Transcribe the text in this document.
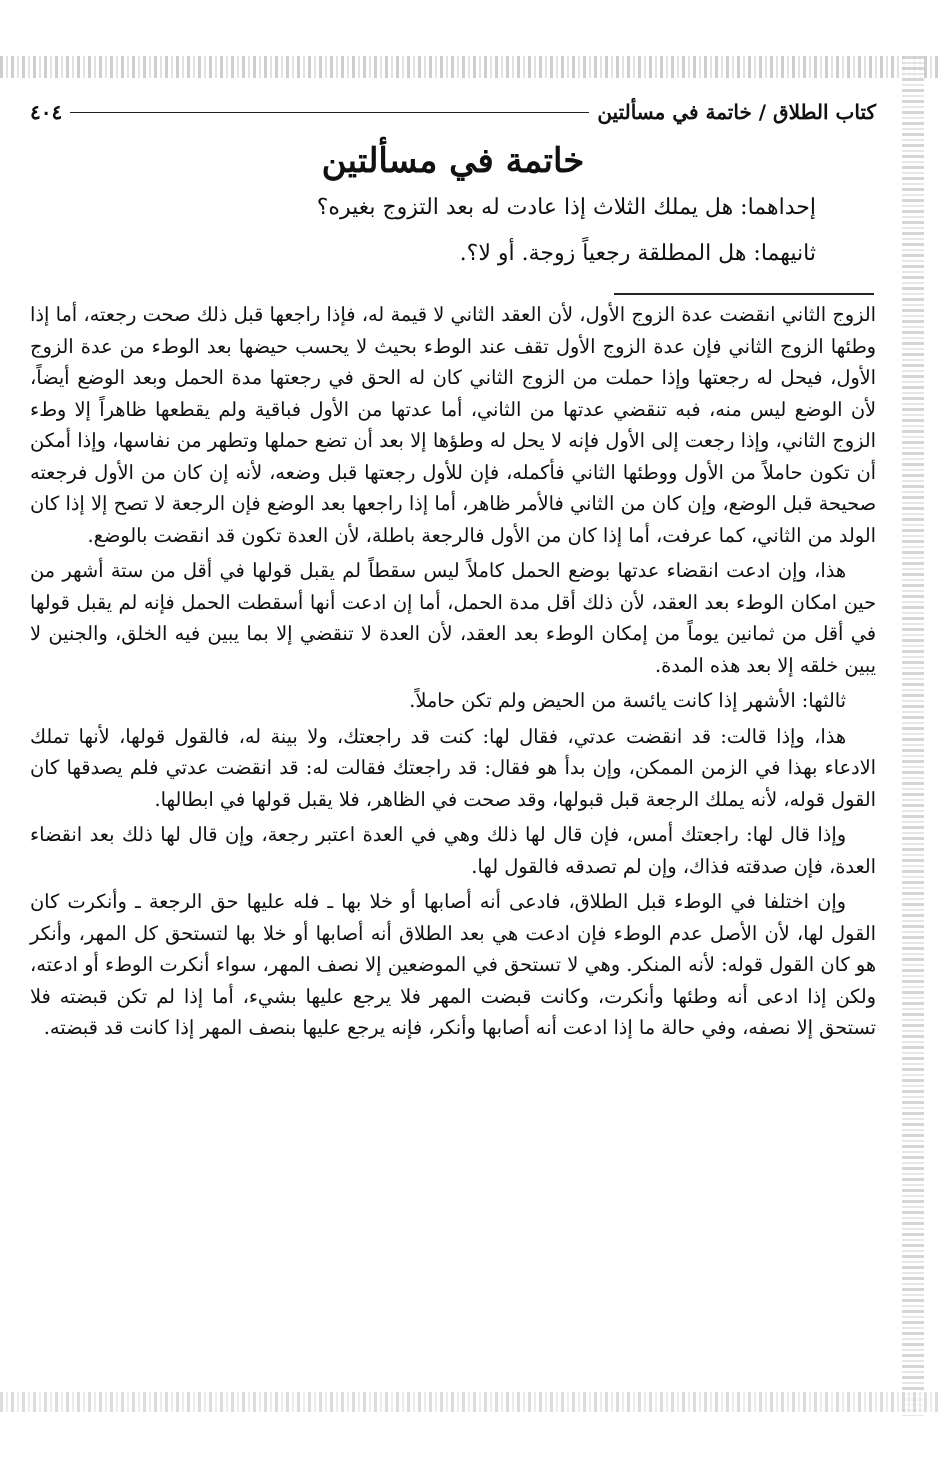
كتاب الطلاق / خاتمة في مسألتين
٤٠٤
خاتمة في مسألتين
إحداهما: هل يملك الثلاث إذا عادت له بعد التزوج بغيره؟
ثانيهما: هل المطلقة رجعياً زوجة. أو لا؟.

الزوج الثاني انقضت عدة الزوج الأول، لأن العقد الثاني لا قيمة له، فإذا راجعها قبل ذلك صحت رجعته، أما إذا وطئها الزوج الثاني فإن عدة الزوج الأول تقف عند الوطء بحيث لا يحسب حيضها بعد الوطء من عدة الزوج الأول، فيحل له رجعتها وإذا حملت من الزوج الثاني كان له الحق في رجعتها مدة الحمل وبعد الوضع أيضاً، لأن الوضع ليس منه، فبه تنقضي عدتها من الثاني، أما عدتها من الأول فباقية ولم يقطعها ظاهراً إلا وطء الزوج الثاني، وإذا رجعت إلى الأول فإنه لا يحل له وطؤها إلا بعد أن تضع حملها وتطهر من نفاسها، وإذا أمكن أن تكون حاملاً من الأول ووطئها الثاني فأكمله، فإن للأول رجعتها قبل وضعه، لأنه إن كان من الأول فرجعته صحيحة قبل الوضع، وإن كان من الثاني فالأمر ظاهر، أما إذا راجعها بعد الوضع فإن الرجعة لا تصح إلا إذا كان الولد من الثاني، كما عرفت، أما إذا كان من الأول فالرجعة باطلة، لأن العدة تكون قد انقضت بالوضع.

هذا، وإن ادعت انقضاء عدتها بوضع الحمل كاملاً ليس سقطاً لم يقبل قولها في أقل من ستة أشهر من حين امكان الوطء بعد العقد، لأن ذلك أقل مدة الحمل، أما إن ادعت أنها أسقطت الحمل فإنه لم يقبل قولها في أقل من ثمانين يوماً من إمكان الوطء بعد العقد، لأن العدة لا تنقضي إلا بما يبين فيه الخلق، والجنين لا يبين خلقه إلا بعد هذه المدة.

ثالثها: الأشهر إذا كانت يائسة من الحيض ولم تكن حاملاً.

هذا، وإذا قالت: قد انقضت عدتي، فقال لها: كنت قد راجعتك، ولا بينة له، فالقول قولها، لأنها تملك الادعاء بهذا في الزمن الممكن، وإن بدأ هو فقال: قد راجعتك فقالت له: قد انقضت عدتي فلم يصدقها كان القول قوله، لأنه يملك الرجعة قبل قبولها، وقد صحت في الظاهر، فلا يقبل قولها في ابطالها.

وإذا قال لها: راجعتك أمس، فإن قال لها ذلك وهي في العدة اعتبر رجعة، وإن قال لها ذلك بعد انقضاء العدة، فإن صدقته فذاك، وإن لم تصدقه فالقول لها.

وإن اختلفا في الوطء قبل الطلاق، فادعى أنه أصابها أو خلا بها ـ فله عليها حق الرجعة ـ وأنكرت كان القول لها، لأن الأصل عدم الوطء فإن ادعت هي بعد الطلاق أنه أصابها أو خلا بها لتستحق كل المهر، وأنكر هو كان القول قوله: لأنه المنكر. وهي لا تستحق في الموضعين إلا نصف المهر، سواء أنكرت الوطء أو ادعته، ولكن إذا ادعى أنه وطئها وأنكرت، وكانت قبضت المهر فلا يرجع عليها بشيء، أما إذا لم تكن قبضته فلا تستحق إلا نصفه، وفي حالة ما إذا ادعت أنه أصابها وأنكر، فإنه يرجع عليها بنصف المهر إذا كانت قد قبضته.
